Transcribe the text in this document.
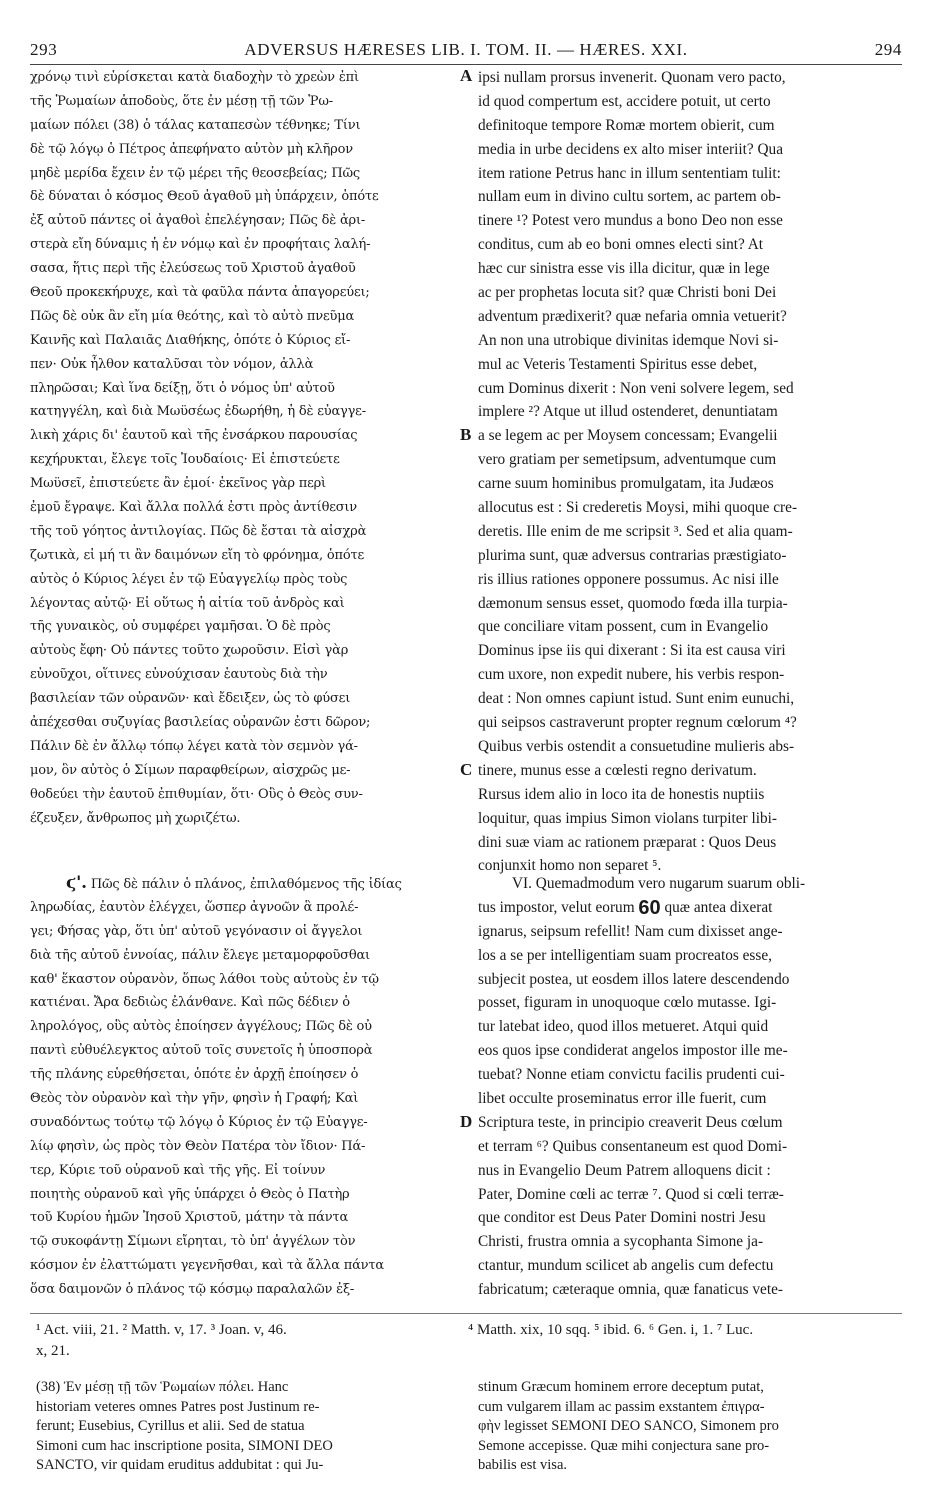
293	ADVERSUS HÆRESES LIB. I. TOM. II. — HÆRES. XXI.	294
A
B
C
D
χρόνῳ τινὶ εὑρίσκεται κατὰ διαδοχὴν τὸ χρεὼν ἐπὶ
τῆς Ῥωμαίων ἀποδοὺς, ὅτε ἐν μέσῃ τῇ τῶν Ῥω-
μαίων πόλει (38) ὁ τάλας καταπεσὼν τέθνηκε; Τίνι
δὲ τῷ λόγῳ ὁ Πέτρος ἀπεφήνατο αὐτὸν μὴ κλῆρον
μηδὲ μερίδα ἔχειν ἐν τῷ μέρει τῆς θεοσεβείας; Πῶς
δὲ δύναται ὁ κόσμος Θεοῦ ἀγαθοῦ μὴ ὑπάρχειν, ὁπότε
ἐξ αὐτοῦ πάντες οἱ ἀγαθοὶ ἐπελέγησαν; Πῶς δὲ ἀρι-
στερὰ εἴη δύναμις ἡ ἐν νόμῳ καὶ ἐν προφήταις λαλή-
σασα, ἥτις περὶ τῆς ἐλεύσεως τοῦ Χριστοῦ ἀγαθοῦ
Θεοῦ προκεκήρυχε, καὶ τὰ φαῦλα πάντα ἀπαγορεύει;
Πῶς δὲ οὐκ ἂν εἴη μία θεότης, καὶ τὸ αὐτὸ πνεῦμα
Καινῆς καὶ Παλαιᾶς Διαθήκης, ὁπότε ὁ Κύριος εἴ-
πεν· Οὐκ ἦλθον καταλῦσαι τὸν νόμον, ἀλλὰ
πληρῶσαι; Καὶ ἵνα δείξῃ, ὅτι ὁ νόμος ὑπ' αὐτοῦ
κατηγγέλη, καὶ διὰ Μωϋσέως ἐδωρήθη, ἡ δὲ εὐαγγε-
λικὴ χάρις δι' ἑαυτοῦ καὶ τῆς ἐνσάρκου παρουσίας
κεχήρυκται, ἔλεγε τοῖς Ἰουδαίοις· Εἰ ἐπιστεύετε
Μωϋσεῖ, ἐπιστεύετε ἂν ἐμοί· ἐκεῖνος γὰρ περὶ
ἐμοῦ ἔγραψε. Καὶ ἄλλα πολλά ἐστι πρὸς ἀντίθεσιν
τῆς τοῦ γόητος ἀντιλογίας. Πῶς δὲ ἔσται τὰ αἰσχρὰ
ζωτικὰ, εἰ μή τι ἂν δαιμόνων εἴη τὸ φρόνημα, ὁπότε
αὐτὸς ὁ Κύριος λέγει ἐν τῷ Εὐαγγελίῳ πρὸς τοὺς
λέγοντας αὐτῷ· Εἰ οὕτως ἡ αἰτία τοῦ ἀνδρὸς καὶ
τῆς γυναικὸς, οὐ συμφέρει γαμῆσαι. Ὁ δὲ πρὸς
αὐτοὺς ἔφη· Οὐ πάντες τοῦτο χωροῦσιν. Εἰσὶ γὰρ
εὐνοῦχοι, οἵτινες εὐνούχισαν ἑαυτοὺς διὰ τὴν
βασιλείαν τῶν οὐρανῶν· καὶ ἔδειξεν, ὡς τὸ φύσει
ἀπέχεσθαι συζυγίας βασιλείας οὐρανῶν ἐστι δῶρον;
Πάλιν δὲ ἐν ἄλλῳ τόπῳ λέγει κατὰ τὸν σεμνὸν γά-
μον, ὃν αὐτὸς ὁ Σίμων παραφθείρων, αἰσχρῶς με-
θοδεύει τὴν ἑαυτοῦ ἐπιθυμίαν, ὅτι· Οὓς ὁ Θεὸς συν-
έζευξεν, ἄνθρωπος μὴ χωριζέτω.
ipsi nullam prorsus invenerit. Quonam vero pacto,
id quod compertum est, accidere potuit, ut certo
definitoque tempore Romæ mortem obierit, cum
media in urbe decidens ex alto miser interiit? Qua
item ratione Petrus hanc in illum sententiam tulit:
nullam eum in divino cultu sortem, ac partem ob-
tinere ¹? Potest vero mundus a bono Deo non esse
conditus, cum ab eo boni omnes electi sint? At
hæc cur sinistra esse vis illa dicitur, quæ in lege
ac per prophetas locuta sit? quæ Christi boni Dei
adventum prædixerit? quæ nefaria omnia vetuerit?
An non una utrobique divinitas idemque Novi si-
mul ac Veteris Testamenti Spiritus esse debet,
cum Dominus dixerit : Non veni solvere legem, sed
implere ²? Atque ut illud ostenderet, denuntiatam
a se legem ac per Moysem concessam; Evangelii
vero gratiam per semetipsum, adventumque cum
carne suum hominibus promulgatam, ita Judæos
allocutus est : Si crederetis Moysi, mihi quoque cre-
deretis. Ille enim de me scripsit ³. Sed et alia quam-
plurima sunt, quæ adversus contrarias præstigiato-
ris illius rationes opponere possumus. Ac nisi ille
dæmonum sensus esset, quomodo fœda illa turpia-
que conciliare vitam possent, cum in Evangelio
Dominus ipse iis qui dixerant : Si ita est causa viri
cum uxore, non expedit nubere, his verbis respon-
deat : Non omnes capiunt istud. Sunt enim eunuchi,
qui seipsos castraverunt propter regnum cœlorum ⁴?
Quibus verbis ostendit a consuetudine mulieris abs-
tinere, munus esse a cœlesti regno derivatum.
Rursus idem alio in loco ita de honestis nuptiis
loquitur, quas impius Simon violans turpiter libi-
dini suæ viam ac rationem præparat : Quos Deus
conjunxit homo non separet ⁵.
ϛ'. Πῶς δὲ πάλιν ὁ πλάνος, ἐπιλαθόμενος τῆς ἰδίας
ληρωδίας, ἑαυτὸν ἐλέγχει, ὥσπερ ἀγνοῶν ἃ προλέ-
γει; Φήσας γὰρ, ὅτι ὑπ' αὐτοῦ γεγόνασιν οἱ ἄγγελοι
διὰ τῆς αὐτοῦ ἐννοίας, πάλιν ἔλεγε μεταμορφοῦσθαι
καθ' ἕκαστον οὐρανὸν, ὅπως λάθοι τοὺς αὐτοὺς ἐν τῷ
κατιέναι. Ἄρα δεδιὼς ἐλάνθανε. Καὶ πῶς δέδιεν ὁ
ληρολόγος, οὓς αὐτὸς ἐποίησεν ἀγγέλους; Πῶς δὲ οὐ
παντὶ εὐθυέλεγκτος αὐτοῦ τοῖς συνετοῖς ἡ ὑποσπορὰ
τῆς πλάνης εὑρεθήσεται, ὁπότε ἐν ἀρχῇ ἐποίησεν ὁ
Θεὸς τὸν οὐρανὸν καὶ τὴν γῆν, φησὶν ἡ Γραφή; Καὶ
συναδόντως τούτῳ τῷ λόγῳ ὁ Κύριος ἐν τῷ Εὐαγγε-
λίῳ φησὶν, ὡς πρὸς τὸν Θεὸν Πατέρα τὸν ἴδιον· Πά-
τερ, Κύριε τοῦ οὐρανοῦ καὶ τῆς γῆς. Εἰ τοίνυν
ποιητὴς οὐρανοῦ καὶ γῆς ὑπάρχει ὁ Θεὸς ὁ Πατὴρ
τοῦ Κυρίου ἡμῶν Ἰησοῦ Χριστοῦ, μάτην τὰ πάντα
τῷ συκοφάντῃ Σίμωνι εἴρηται, τὸ ὑπ' ἀγγέλων τὸν
κόσμον ἐν ἐλαττώματι γεγενῆσθαι, καὶ τὰ ἄλλα πάντα
ὅσα δαιμονῶν ὁ πλάνος τῷ κόσμῳ παραλαλῶν ἐξ-
VI. Quemadmodum vero nugarum suarum obli-
tus impostor, velut eorum 60 quæ antea dixerat
ignarus, seipsum refellit! Nam cum dixisset ange-
los a se per intelligentiam suam procreatos esse,
subjecit postea, ut eosdem illos latere descendendo
posset, figuram in unoquoque cœlo mutasse. Igi-
tur latebat ideo, quod illos metueret. Atqui quid
eos quos ipse condiderat angelos impostor ille me-
tuebat? Nonne etiam convictu facilis prudenti cui-
libet occulte proseminatus error ille fuerit, cum
Scriptura teste, in principio creaverit Deus cœlum
et terram ⁶? Quibus consentaneum est quod Domi-
nus in Evangelio Deum Patrem alloquens dicit :
Pater, Domine cœli ac terræ ⁷. Quod si cœli terræ-
que conditor est Deus Pater Domini nostri Jesu
Christi, frustra omnia a sycophanta Simone ja-
ctantur, mundum scilicet ab angelis cum defectu
fabricatum; cæteraque omnia, quæ fanaticus vete-
¹ Act. viii, 21. ² Matth. v, 17. ³ Joan. v, 46.
x, 21.
⁴ Matth. xix, 10 sqq. ⁵ ibid. 6. ⁶ Gen. i, 1. ⁷ Luc.
(38) Ἐν μέσῃ τῇ τῶν Ῥωμαίων πόλει. Hanc
historiam veteres omnes Patres post Justinum re-
ferunt; Eusebius, Cyrillus et alii. Sed de statua
Simoni cum hac inscriptione posita, SIMONI DEO
SANCTO, vir quidam eruditus addubitat : qui Ju-
stinum Græcum hominem errore deceptum putat,
cum vulgarem illam ac passim exstantem ἐπιγρα-
φὴν legisset SEMONI DEO SANCO, Simonem pro
Semone accepisse. Quæ mihi conjectura sane pro-
babilis est visa.
